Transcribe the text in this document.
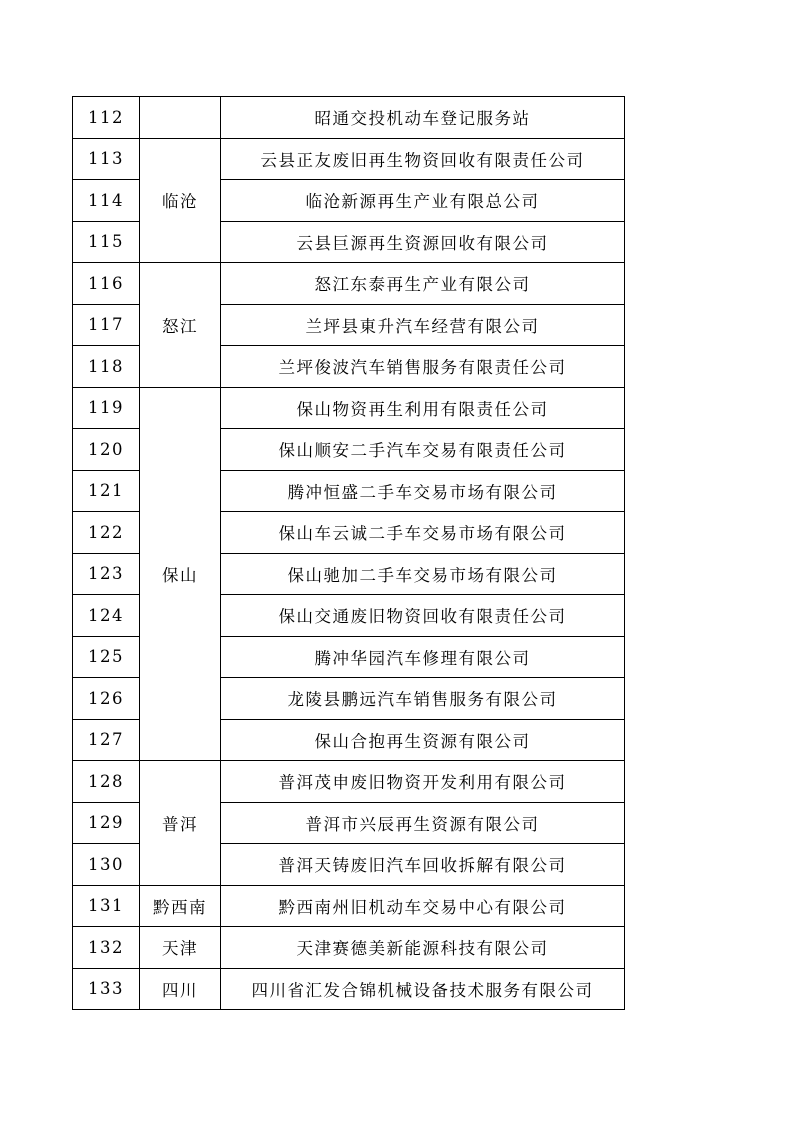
112		昭通交投机动车登记服务站
113	临沧	云县正友废旧再生物资回收有限责任公司
114		临沧新源再生产业有限总公司
115		云县巨源再生资源回收有限公司
116	怒江	怒江东泰再生产业有限公司
117		兰坪县東升汽车经营有限公司
118		兰坪俊波汽车销售服务有限责任公司
119	保山	保山物资再生利用有限责任公司
120		保山顺安二手汽车交易有限责任公司
121		腾冲恒盛二手车交易市场有限公司
122		保山车云诚二手车交易市场有限公司
123		保山驰加二手车交易市场有限公司
124		保山交通废旧物资回收有限责任公司
125		腾冲华园汽车修理有限公司
126		龙陵县鹏远汽车销售服务有限公司
127		保山合抱再生资源有限公司
128	普洱	普洱茂申废旧物资开发利用有限公司
129		普洱市兴辰再生资源有限公司
130		普洱天铸废旧汽车回收拆解有限公司
131	黔西南	黔西南州旧机动车交易中心有限公司
132	天津	天津赛德美新能源科技有限公司
133	四川	四川省汇发合锦机械设备技术服务有限公司
